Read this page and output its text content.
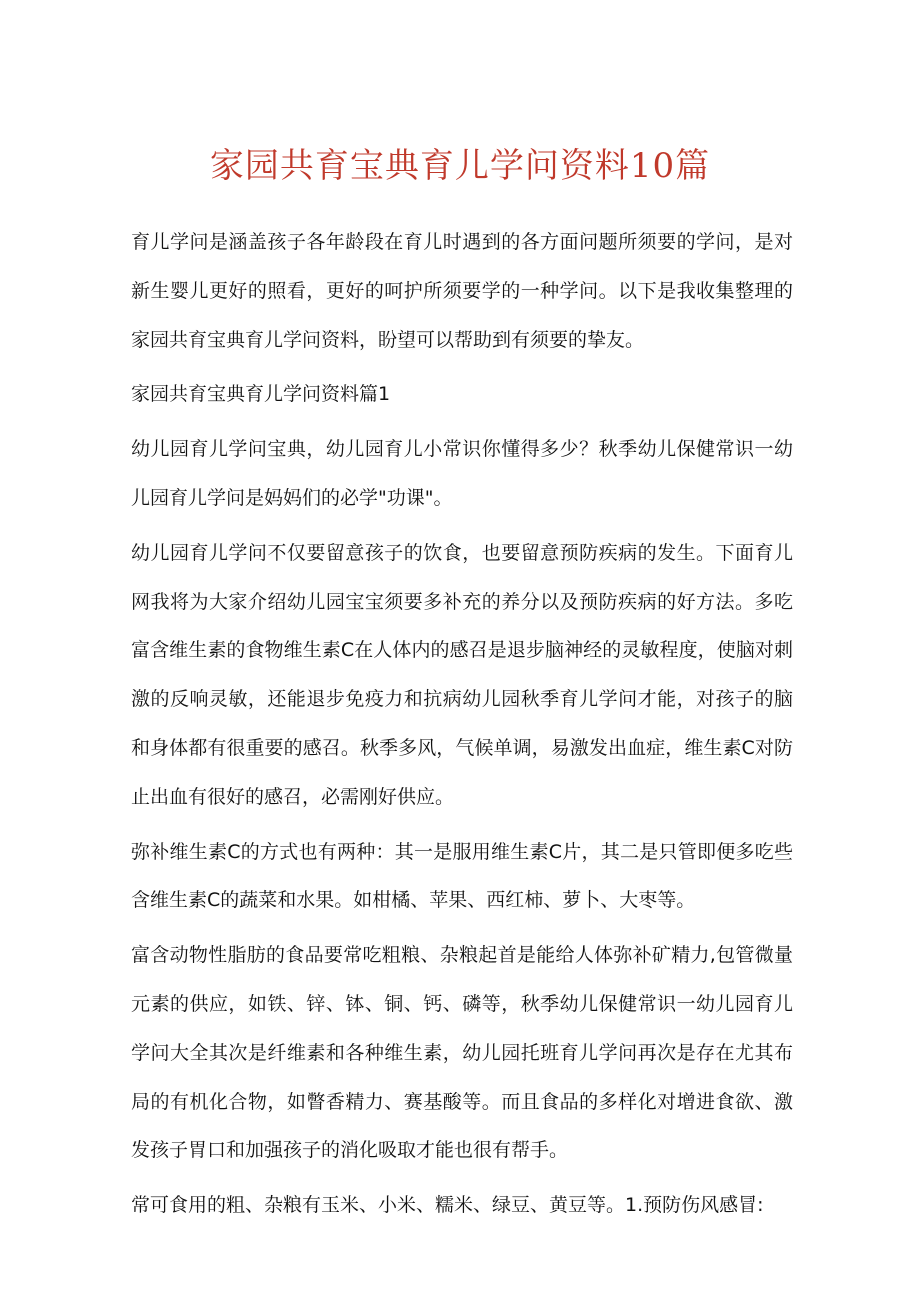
家园共育宝典育儿学问资料10篇

育儿学问是涵盖孩子各年龄段在育儿时遇到的各方面问题所须要的学问，是对新生婴儿更好的照看，更好的呵护所须要学的一种学问。以下是我收集整理的家园共育宝典育儿学问资料，盼望可以帮助到有须要的挚友。

家园共育宝典育儿学问资料篇1

幼儿园育儿学问宝典，幼儿园育儿小常识你懂得多少？秋季幼儿保健常识一幼儿园育儿学问是妈妈们的必学"功课"。

幼儿园育儿学问不仅要留意孩子的饮食，也要留意预防疾病的发生。下面育儿网我将为大家介绍幼儿园宝宝须要多补充的养分以及预防疾病的好方法。多吃富含维生素的食物维生素C在人体内的感召是退步脑神经的灵敏程度，使脑对刺激的反响灵敏，还能退步免疫力和抗病幼儿园秋季育儿学问才能，对孩子的脑和身体都有很重要的感召。秋季多风，气候单调，易激发出血症，维生素C对防止出血有很好的感召，必需刚好供应。

弥补维生素C的方式也有两种：其一是服用维生素C片，其二是只管即便多吃些含维生素C的蔬菜和水果。如柑橘、苹果、西红柿、萝卜、大枣等。

富含动物性脂肪的食品要常吃粗粮、杂粮起首是能给人体弥补矿精力,包管微量元素的供应，如铁、锌、钵、铜、钙、磷等，秋季幼儿保健常识一幼儿园育儿学问大全其次是纤维素和各种维生素，幼儿园托班育儿学问再次是存在尤其布局的有机化合物，如瞥香精力、赛基酸等。而且食品的多样化对增进食欲、激发孩子胃口和加强孩子的消化吸取才能也很有帮手。

常可食用的粗、杂粮有玉米、小米、糯米、绿豆、黄豆等。1.预防伤风感冒:
